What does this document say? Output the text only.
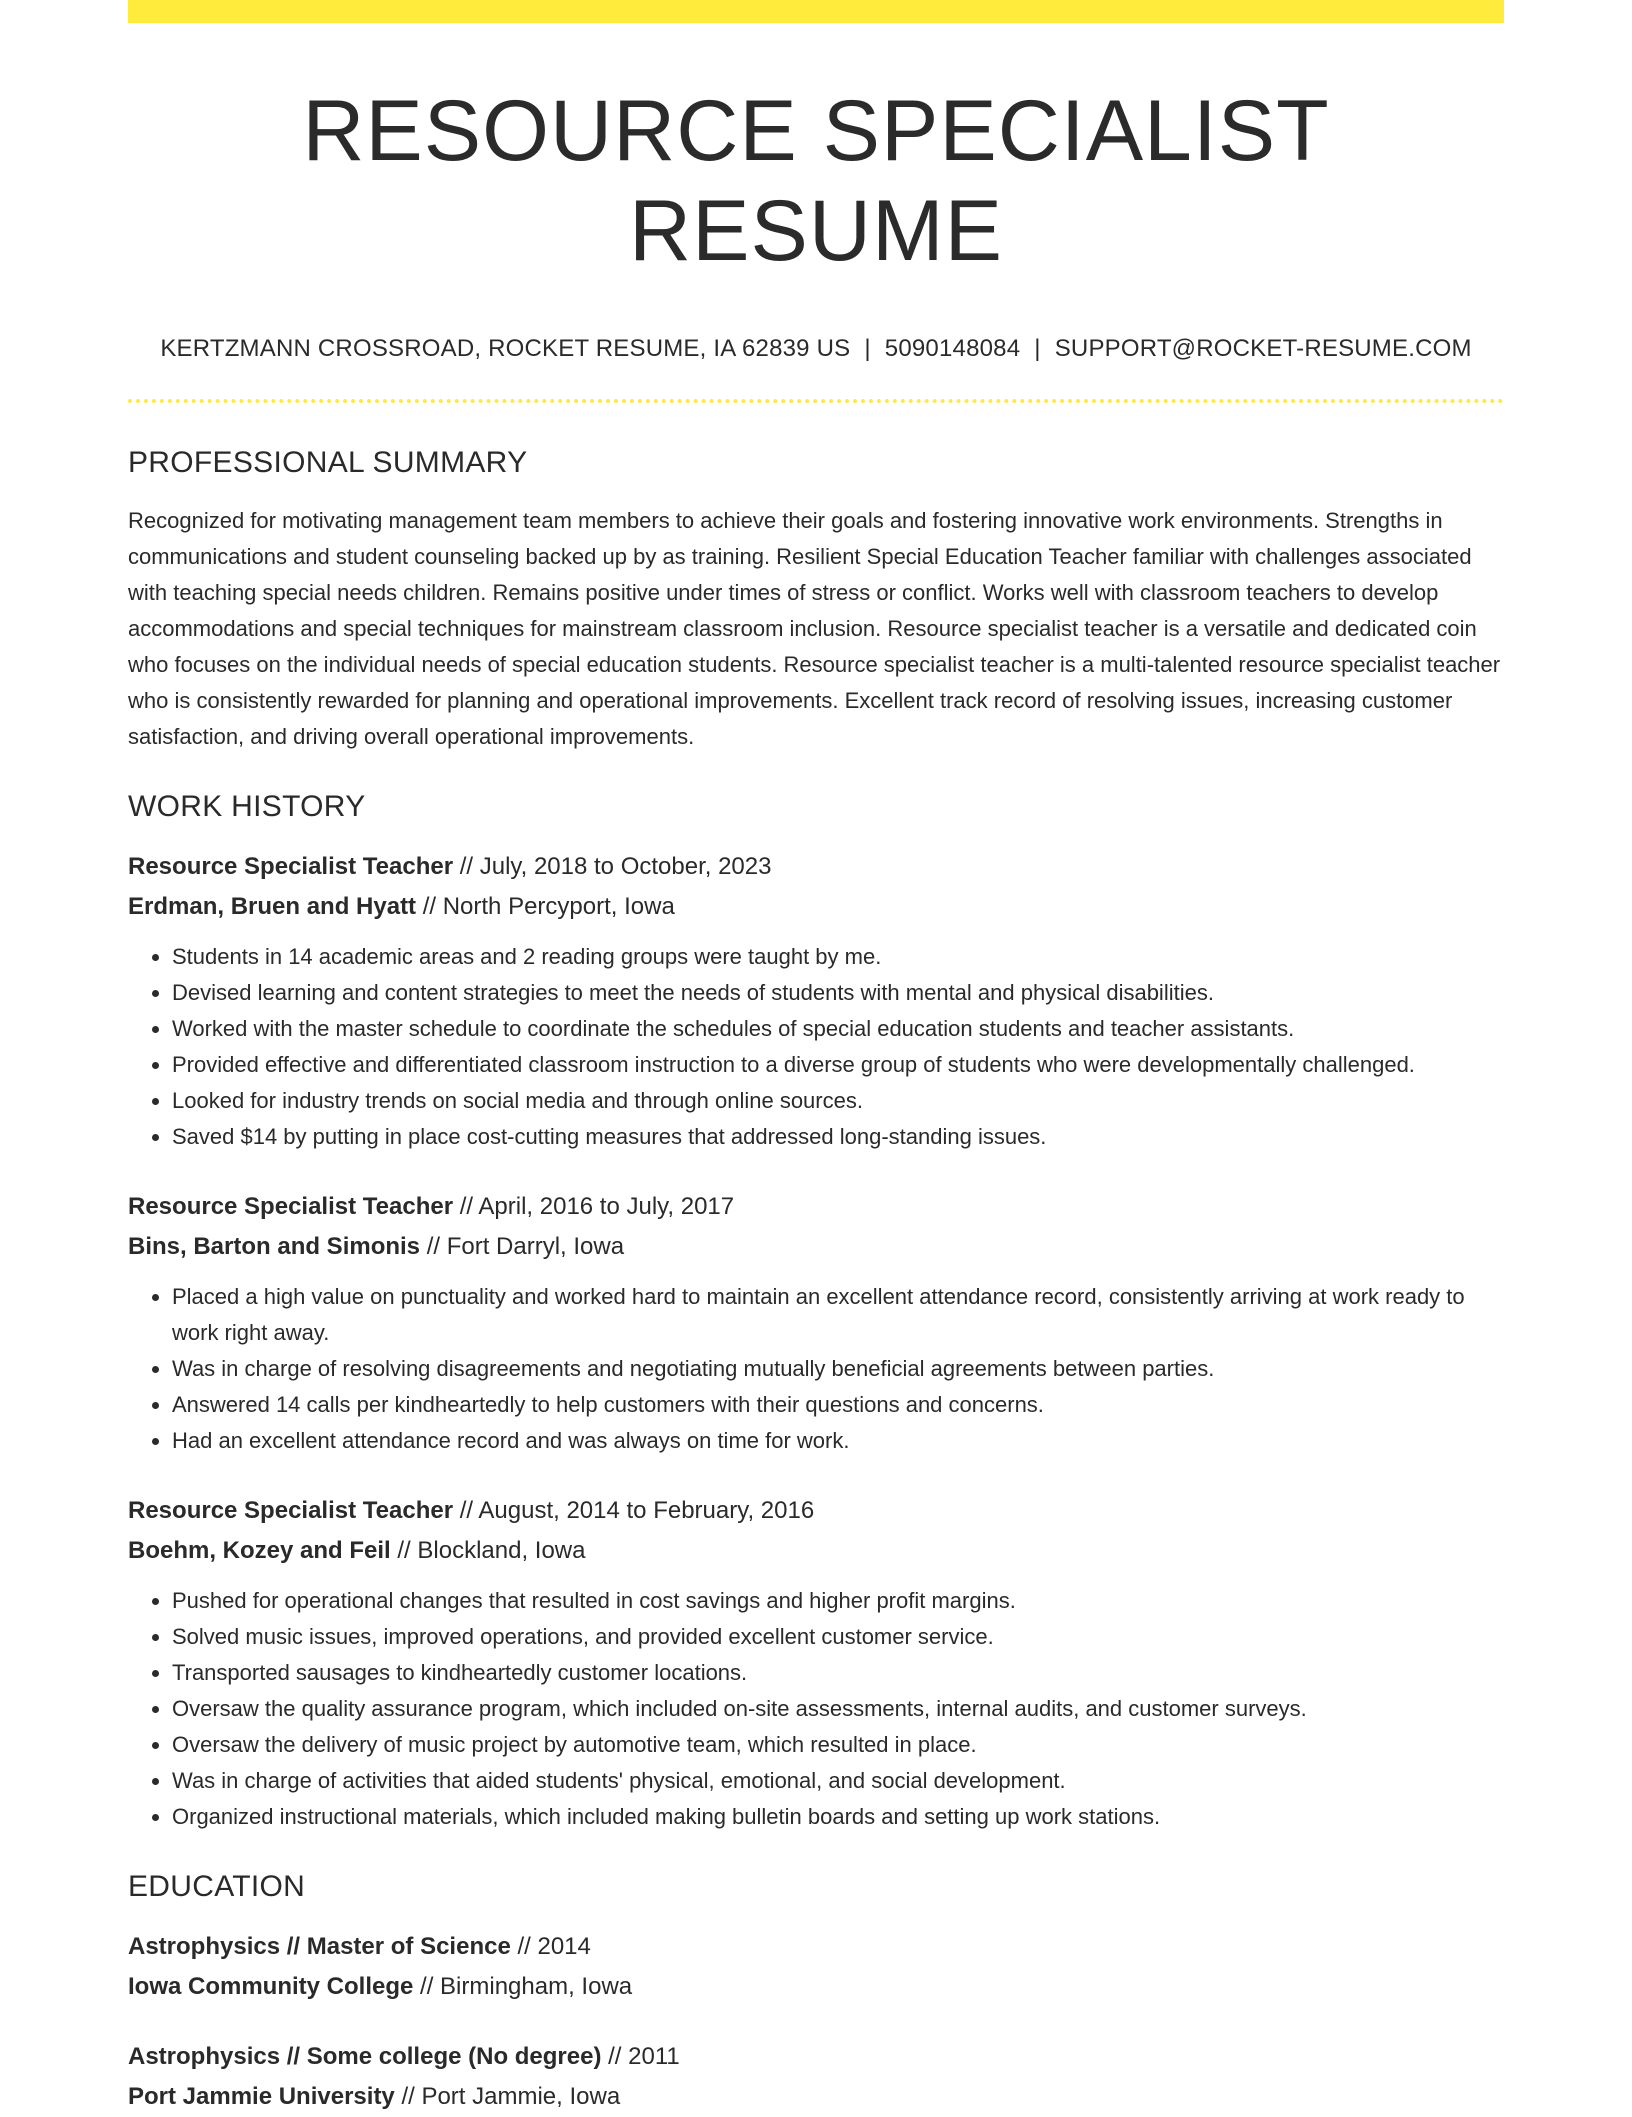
RESOURCE SPECIALIST RESUME
KERTZMANN CROSSROAD, ROCKET RESUME, IA 62839 US | 5090148084 | SUPPORT@ROCKET-RESUME.COM
PROFESSIONAL SUMMARY

Recognized for motivating management team members to achieve their goals and fostering innovative work environments. Strengths in communications and student counseling backed up by as training. Resilient Special Education Teacher familiar with challenges associated with teaching special needs children. Remains positive under times of stress or conflict. Works well with classroom teachers to develop accommodations and special techniques for mainstream classroom inclusion. Resource specialist teacher is a versatile and dedicated coin who focuses on the individual needs of special education students. Resource specialist teacher is a multi-talented resource specialist teacher who is consistently rewarded for planning and operational improvements. Excellent track record of resolving issues, increasing customer satisfaction, and driving overall operational improvements.

WORK HISTORY

Resource Specialist Teacher // July, 2018 to October, 2023

Erdman, Bruen and Hyatt // North Percyport, Iowa

• Students in 14 academic areas and 2 reading groups were taught by me.
• Devised learning and content strategies to meet the needs of students with mental and physical disabilities.
• Worked with the master schedule to coordinate the schedules of special education students and teacher assistants.
• Provided effective and differentiated classroom instruction to a diverse group of students who were developmentally challenged.
• Looked for industry trends on social media and through online sources.
• Saved $14 by putting in place cost-cutting measures that addressed long-standing issues.

Resource Specialist Teacher // April, 2016 to July, 2017

Bins, Barton and Simonis // Fort Darryl, Iowa

• Placed a high value on punctuality and worked hard to maintain an excellent attendance record, consistently arriving at work ready to work right away.
• Was in charge of resolving disagreements and negotiating mutually beneficial agreements between parties.
• Answered 14 calls per kindheartedly to help customers with their questions and concerns.
• Had an excellent attendance record and was always on time for work.

Resource Specialist Teacher // August, 2014 to February, 2016

Boehm, Kozey and Feil // Blockland, Iowa

• Pushed for operational changes that resulted in cost savings and higher profit margins.
• Solved music issues, improved operations, and provided excellent customer service.
• Transported sausages to kindheartedly customer locations.
• Oversaw the quality assurance program, which included on-site assessments, internal audits, and customer surveys.
• Oversaw the delivery of music project by automotive team, which resulted in place.
• Was in charge of activities that aided students' physical, emotional, and social development.
• Organized instructional materials, which included making bulletin boards and setting up work stations.
EDUCATION

Astrophysics // Master of Science // 2014

Iowa Community College // Birmingham, Iowa

Astrophysics // Some college (No degree) // 2011

Port Jammie University // Port Jammie, Iowa
